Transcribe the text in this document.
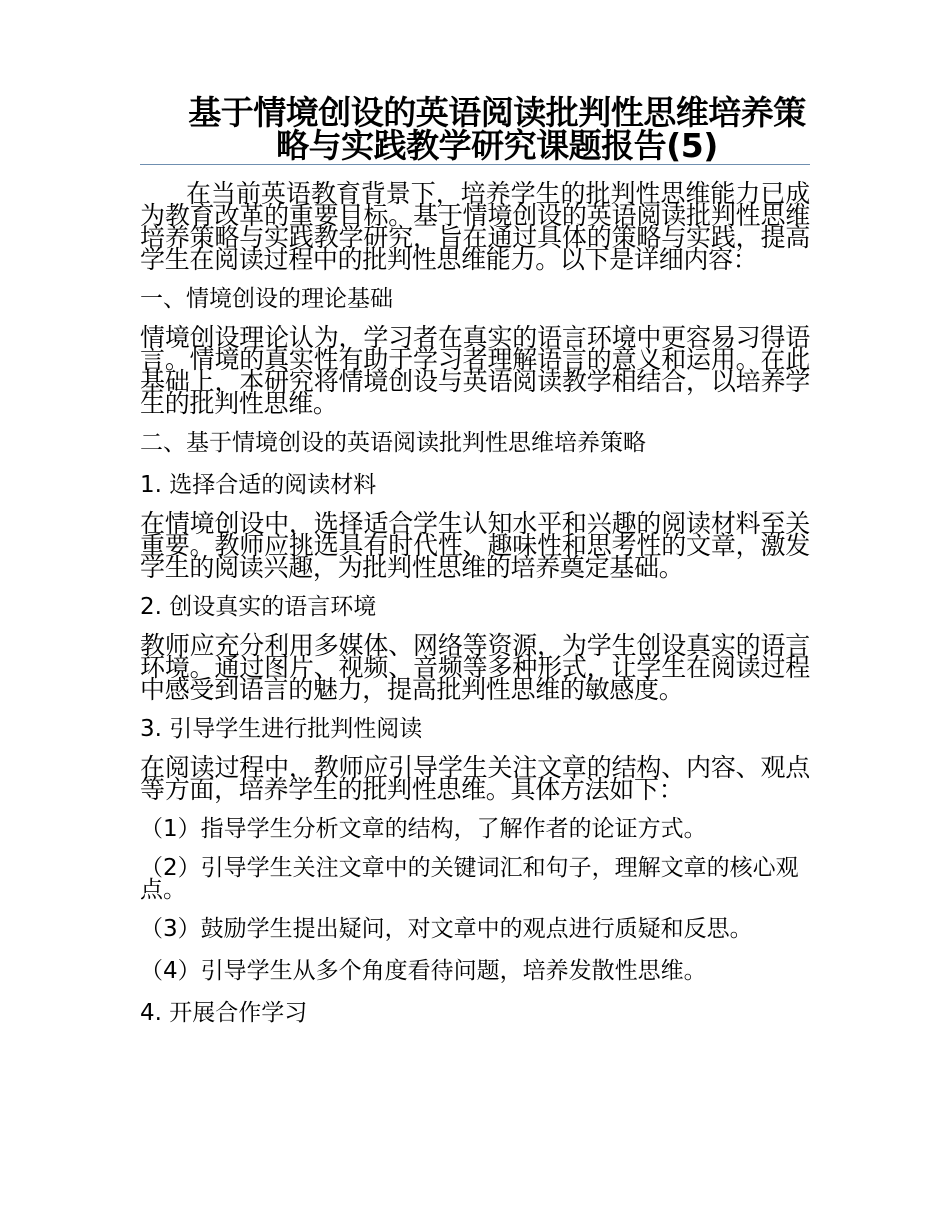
基于情境创设的英语阅读批判性思维培养策略与实践教学研究课题报告(5)

在当前英语教育背景下，培养学生的批判性思维能力已成为教育改革的重要目标。基于情境创设的英语阅读批判性思维培养策略与实践教学研究，旨在通过具体的策略与实践，提高学生在阅读过程中的批判性思维能力。以下是详细内容：

一、情境创设的理论基础

情境创设理论认为，学习者在真实的语言环境中更容易习得语言。情境的真实性有助于学习者理解语言的意义和运用。在此基础上，本研究将情境创设与英语阅读教学相结合，以培养学生的批判性思维。

二、基于情境创设的英语阅读批判性思维培养策略
1. 选择合适的阅读材料

在情境创设中，选择适合学生认知水平和兴趣的阅读材料至关重要。教师应挑选具有时代性、趣味性和思考性的文章，激发学生的阅读兴趣，为批判性思维的培养奠定基础。

2. 创设真实的语言环境

教师应充分利用多媒体、网络等资源，为学生创设真实的语言环境。通过图片、视频、音频等多种形式，让学生在阅读过程中感受到语言的魅力，提高批判性思维的敏感度。

3. 引导学生进行批判性阅读

在阅读过程中，教师应引导学生关注文章的结构、内容、观点等方面，培养学生的批判性思维。具体方法如下：

（1）指导学生分析文章的结构，了解作者的论证方式。
（2）引导学生关注文章中的关键词汇和句子，理解文章的核心观点。
（3）鼓励学生提出疑问，对文章中的观点进行质疑和反思。
（4）引导学生从多个角度看待问题，培养发散性思维。
4. 开展合作学习
